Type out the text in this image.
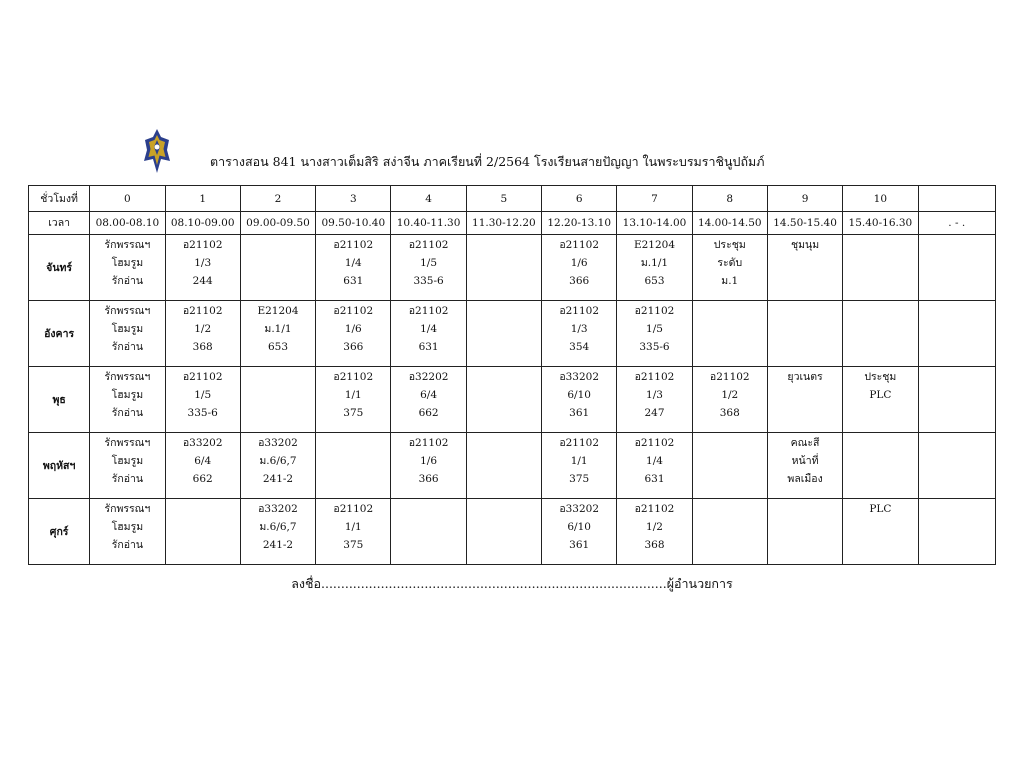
ตารางสอน 841 นางสาวเต็มสิริ สง่าจีน ภาคเรียนที่ 2/2564 โรงเรียนสายปัญญา ในพระบรมราชินูปถัมภ์
ชั่วโมงที่	0	1	2	3	4	5	6	7	8	9	10	
เวลา	08.00-08.10	08.10-09.00	09.00-09.50	09.50-10.40	10.40-11.30	11.30-12.20	12.20-13.10	13.10-14.00	14.00-14.50	14.50-15.40	15.40-16.30	. - .
จันทร์	รักพรรณฯ
โฮมรูม
รักอ่าน	อ21102
1/3
244		อ21102
1/4
631	อ21102
1/5
335-6		อ21102
1/6
366	E21204
ม.1/1
653	ประชุม
ระดับ
ม.1	ชุมนุม		

อังคาร	รักพรรณฯ
โฮมรูม
รักอ่าน	อ21102
1/2
368	E21204
ม.1/1
653	อ21102
1/6
366	อ21102
1/4
631		อ21102
1/3
354	อ21102
1/5
335-6				

พุธ	รักพรรณฯ
โฮมรูม
รักอ่าน	อ21102
1/5
335-6		อ21102
1/1
375	อ32202
6/4
662		อ33202
6/10
361	อ21102
1/3
247	อ21102
1/2
368	ยุวเนตร	ประชุม
PLC	

พฤหัสฯ	รักพรรณฯ
โฮมรูม
รักอ่าน	อ33202
6/4
662	อ33202
ม.6/6,7
241-2		อ21102
1/6
366		อ21102
1/1
375	อ21102
1/4
631		คณะสี
หน้าที่
พลเมือง		

ศุกร์	รักพรรณฯ
โฮมรูม
รักอ่าน		อ33202
ม.6/6,7
241-2	อ21102
1/1
375			อ33202
6/10
361	อ21102
1/2
368			PLC	

ลงชื่อ.......................................................................................ผู้อำนวยการ
